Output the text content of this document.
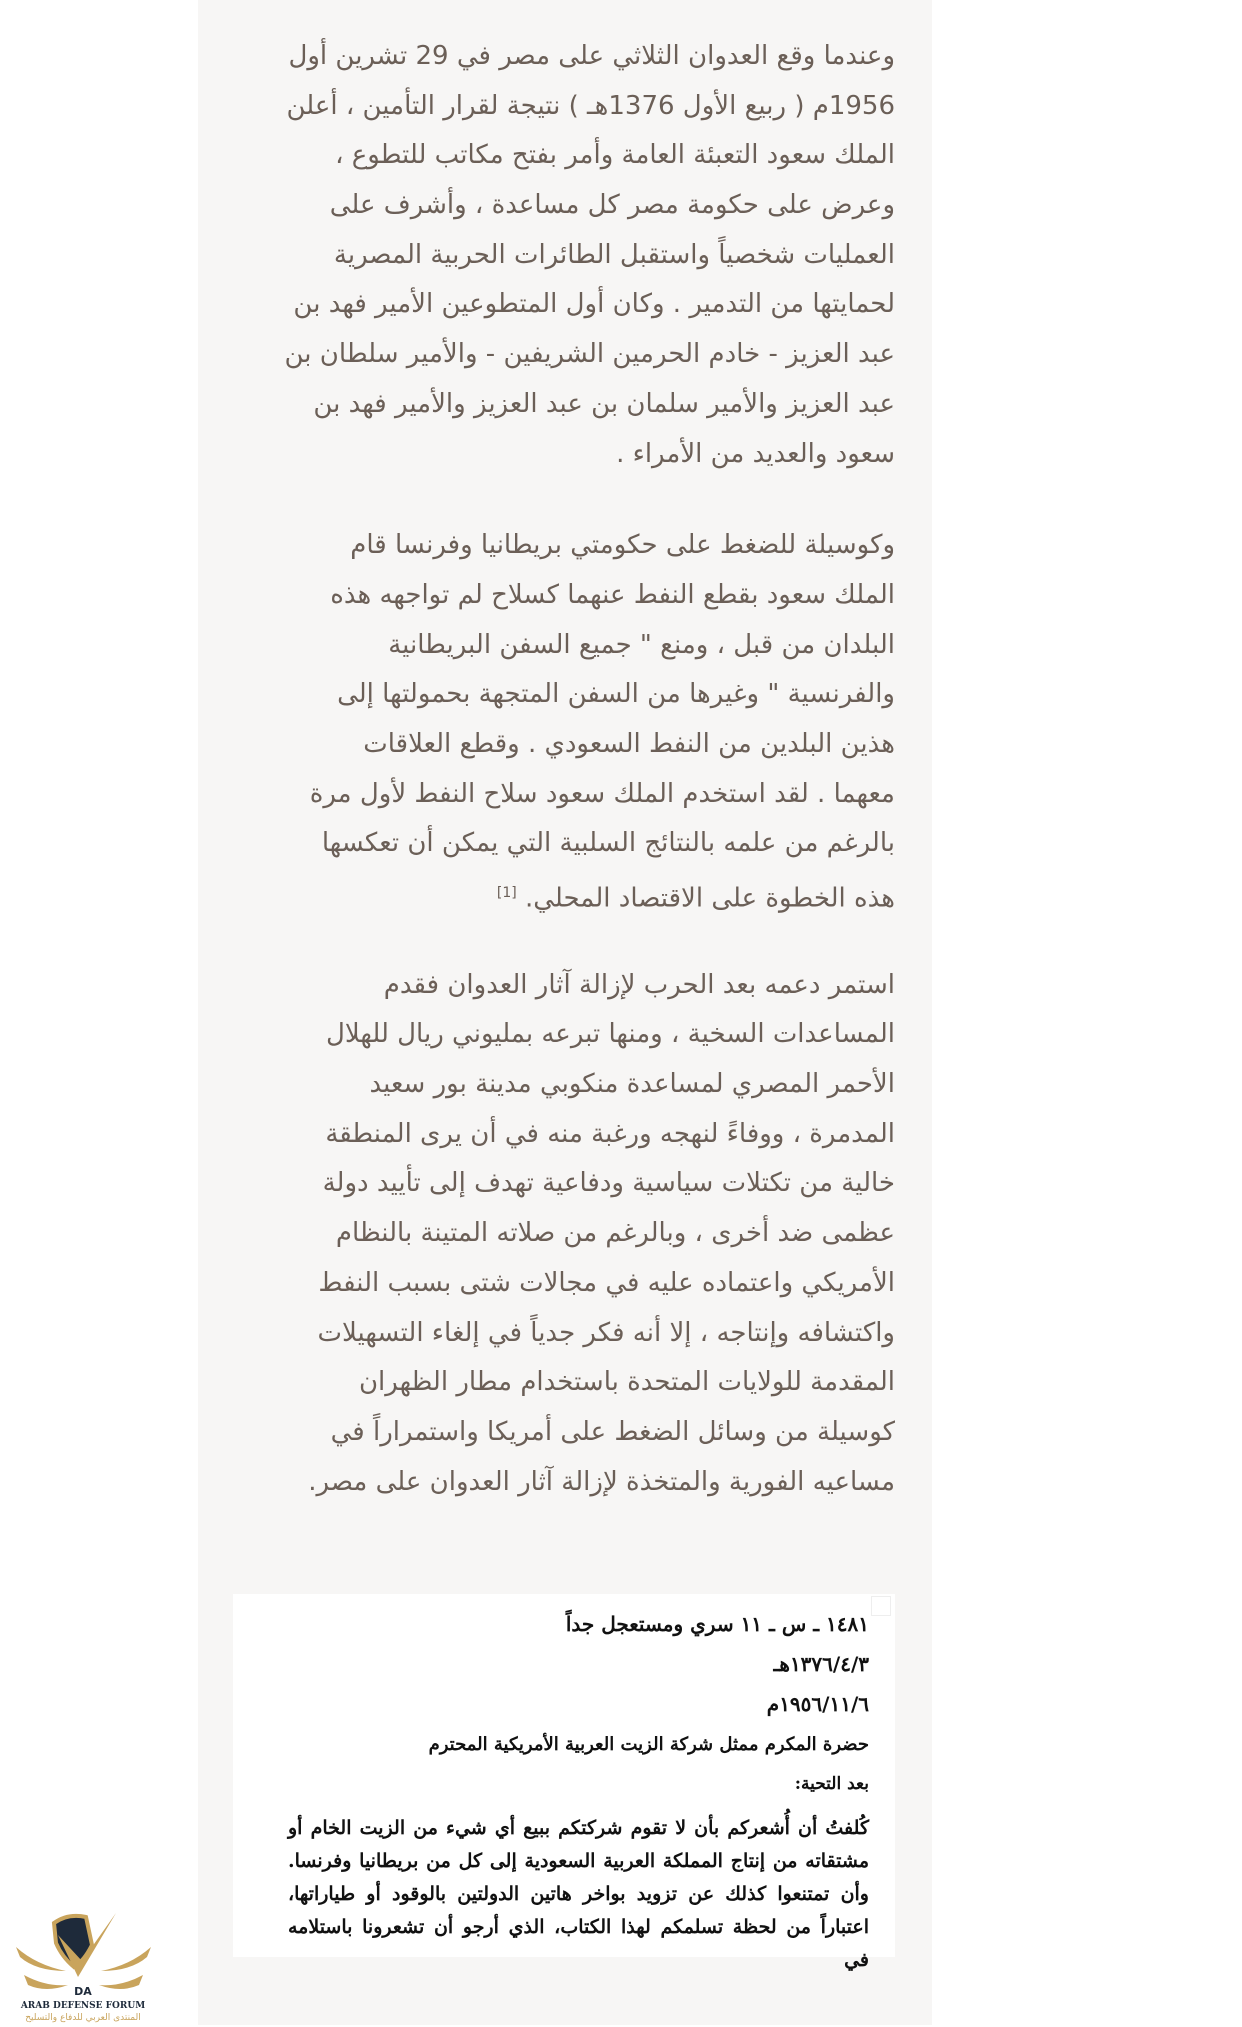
وعندما وقع العدوان الثلاثي على مصر في 29 تشرين أول
1956م ( ربيع الأول 1376هـ ) نتيجة لقرار التأمين ، أعلن
الملك سعود التعبئة العامة وأمر بفتح مكاتب للتطوع ،
وعرض على حكومة مصر كل مساعدة ، وأشرف على
العمليات شخصياً واستقبل الطائرات الحربية المصرية
لحمايتها من التدمير . وكان أول المتطوعين الأمير فهد بن
عبد العزيز - خادم الحرمين الشريفين - والأمير سلطان بن
عبد العزيز والأمير سلمان بن عبد العزيز والأمير فهد بن
سعود والعديد من الأمراء .
وكوسيلة للضغط على حكومتي بريطانيا وفرنسا قام
الملك سعود بقطع النفط عنهما كسلاح لم تواجهه هذه
البلدان من قبل ، ومنع " جميع السفن البريطانية
والفرنسية " وغيرها من السفن المتجهة بحمولتها إلى
هذين البلدين من النفط السعودي . وقطع العلاقات
معهما . لقد استخدم الملك سعود سلاح النفط لأول مرة
بالرغم من علمه بالنتائج السلبية التي يمكن أن تعكسها
هذه الخطوة على الاقتصاد المحلي. [1]
استمر دعمه بعد الحرب لإزالة آثار العدوان فقدم
المساعدات السخية ، ومنها تبرعه بمليوني ريال للهلال
الأحمر المصري لمساعدة منكوبي مدينة بور سعيد
المدمرة ، ووفاءً لنهجه ورغبة منه في أن يرى المنطقة
خالية من تكتلات سياسية ودفاعية تهدف إلى تأييد دولة
عظمى ضد أخرى ، وبالرغم من صلاته المتينة بالنظام
الأمريكي واعتماده عليه في مجالات شتى بسبب النفط
واكتشافه وإنتاجه ، إلا أنه فكر جدياً في إلغاء التسهيلات
المقدمة للولايات المتحدة باستخدام مطار الظهران
كوسيلة من وسائل الضغط على أمريكا واستمراراً في
مساعيه الفورية والمتخذة لإزالة آثار العدوان على مصر.
١٤٨١ ـ س ـ ١١ سري ومستعجل جداً
١٣٧٦/٤/٣هـ
١٩٥٦/١١/٦م
حضرة المكرم ممثل شركة الزيت العربية الأمريكية المحترم
بعد التحية:
كُلفتُ أن أُشعركم بأن لا تقوم شركتكم ببيع أي شيء من الزيت الخام أو مشتقاته من إنتاج المملكة العربية السعودية إلى كل من بريطانيا وفرنسا. وأن تمتنعوا كذلك عن تزويد بواخر هاتين الدولتين بالوقود أو طياراتها، اعتباراً من لحظة تسلمكم لهذا الكتاب، الذي أرجو أن تشعرونا باستلامه في
DA
ARAB DEFENSE FORUM
المنتدى العربي للدفاع والتسليح
